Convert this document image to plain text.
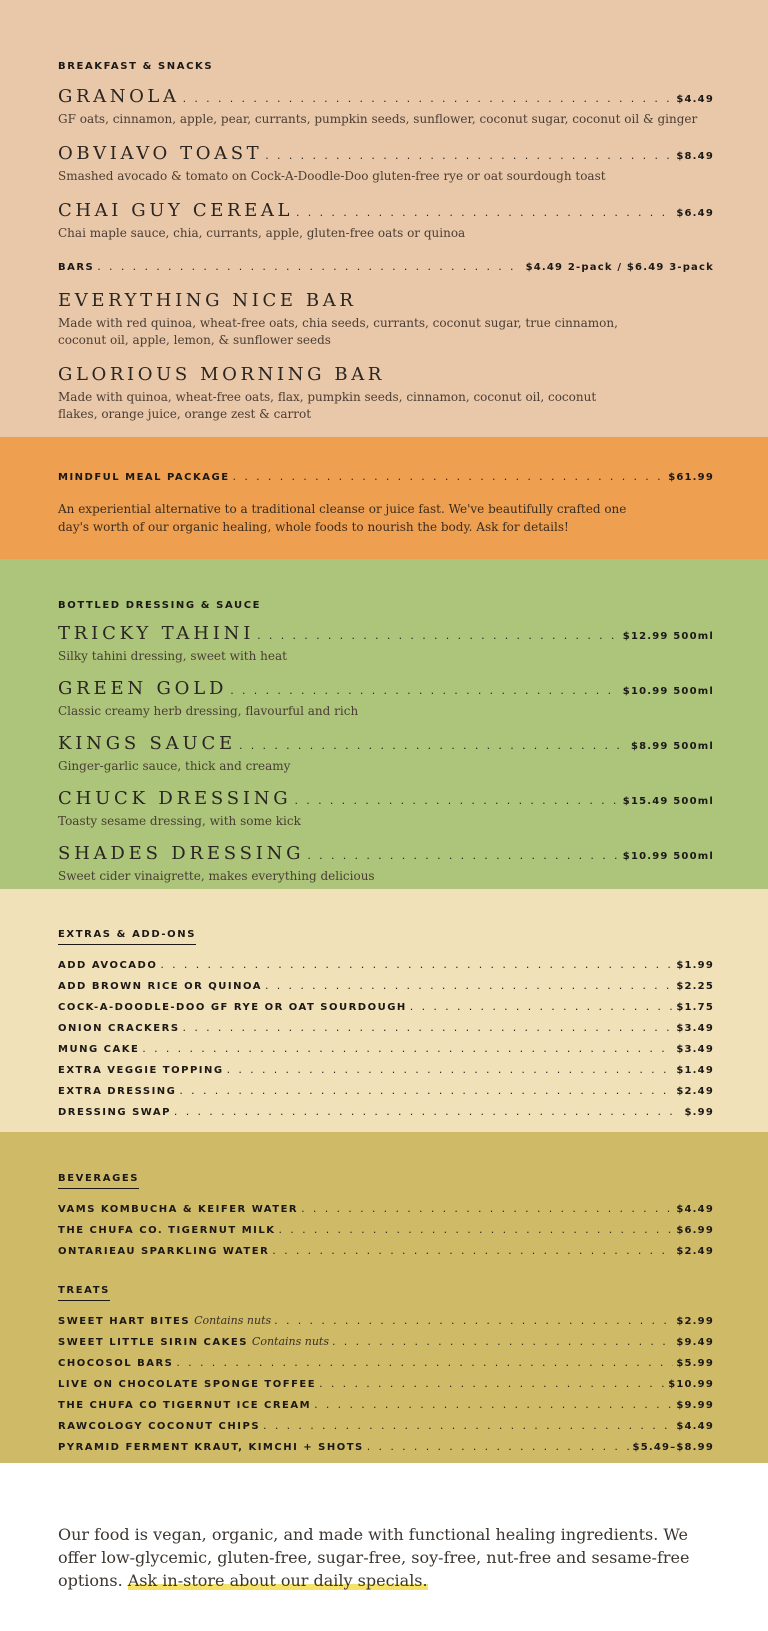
BREAKFAST & SNACKS
GRANOLA . . .	$4.49
GF oats, cinnamon, apple, pear, currants, pumpkin seeds, sunflower, coconut sugar, coconut oil & ginger
OBVIAVO TOAST . . .	$8.49
Smashed avocado & tomato on Cock-A-Doodle-Doo gluten-free rye or oat sourdough toast
CHAI GUY CEREAL . . .	$6.49
Chai maple sauce, chia, currants, apple, gluten-free oats or quinoa
BARS . . .	$4.49 2-pack / $6.49 3-pack
EVERYTHING NICE BAR
Made with red quinoa, wheat-free oats, chia seeds, currants, coconut sugar, true cinnamon, coconut oil, apple, lemon, & sunflower seeds
GLORIOUS MORNING BAR
Made with quinoa, wheat-free oats, flax, pumpkin seeds, cinnamon, coconut oil, coconut flakes, orange juice, orange zest & carrot
MINDFUL MEAL PACKAGE . . .	$61.99
An experiential alternative to a traditional cleanse or juice fast. We've beautifully crafted one day's worth of our organic healing, whole foods to nourish the body. Ask for details!
BOTTLED DRESSING & SAUCE
TRICKY TAHINI . . .	$12.99 500ml
Silky tahini dressing, sweet with heat
GREEN GOLD . . .	$10.99 500ml
Classic creamy herb dressing, flavourful and rich
KINGS SAUCE . . .	$8.99 500ml
Ginger-garlic sauce, thick and creamy
CHUCK DRESSING . . .	$15.49 500ml
Toasty sesame dressing, with some kick
SHADES DRESSING . . .	$10.99 500ml
Sweet cider vinaigrette, makes everything delicious
EXTRAS & ADD-ONS
ADD AVOCADO . . .	$1.99
ADD BROWN RICE OR QUINOA . . .	$2.25
COCK-A-DOODLE-DOO GF RYE OR OAT SOURDOUGH . . .	$1.75
ONION CRACKERS . . .	$3.49
MUNG CAKE . . .	$3.49
EXTRA VEGGIE TOPPING . . .	$1.49
EXTRA DRESSING . . .	$2.49
DRESSING SWAP . . .	$.99
BEVERAGES
VAMS KOMBUCHA & KEIFER WATER . . .	$4.49
THE CHUFA CO. TIGERNUT MILK . . .	$6.99
ONTARIEAU SPARKLING WATER . . .	$2.49
TREATS
SWEET HART BITES Contains nuts . . .	$2.99
SWEET LITTLE SIRIN CAKES Contains nuts . . .	$9.49
CHOCOSOL BARS . . .	$5.99
LIVE ON CHOCOLATE SPONGE TOFFEE . . .	$10.99
THE CHUFA CO TIGERNUT ICE CREAM . . .	$9.99
RAWCOLOGY COCONUT CHIPS . . .	$4.49
PYRAMID FERMENT KRAUT, KIMCHI + SHOTS . . .	$5.49–$8.99

Our food is vegan, organic, and made with functional healing ingredients. We offer low-glycemic, gluten-free, sugar-free, soy-free, nut-free and sesame-free options. Ask in-store about our daily specials.
